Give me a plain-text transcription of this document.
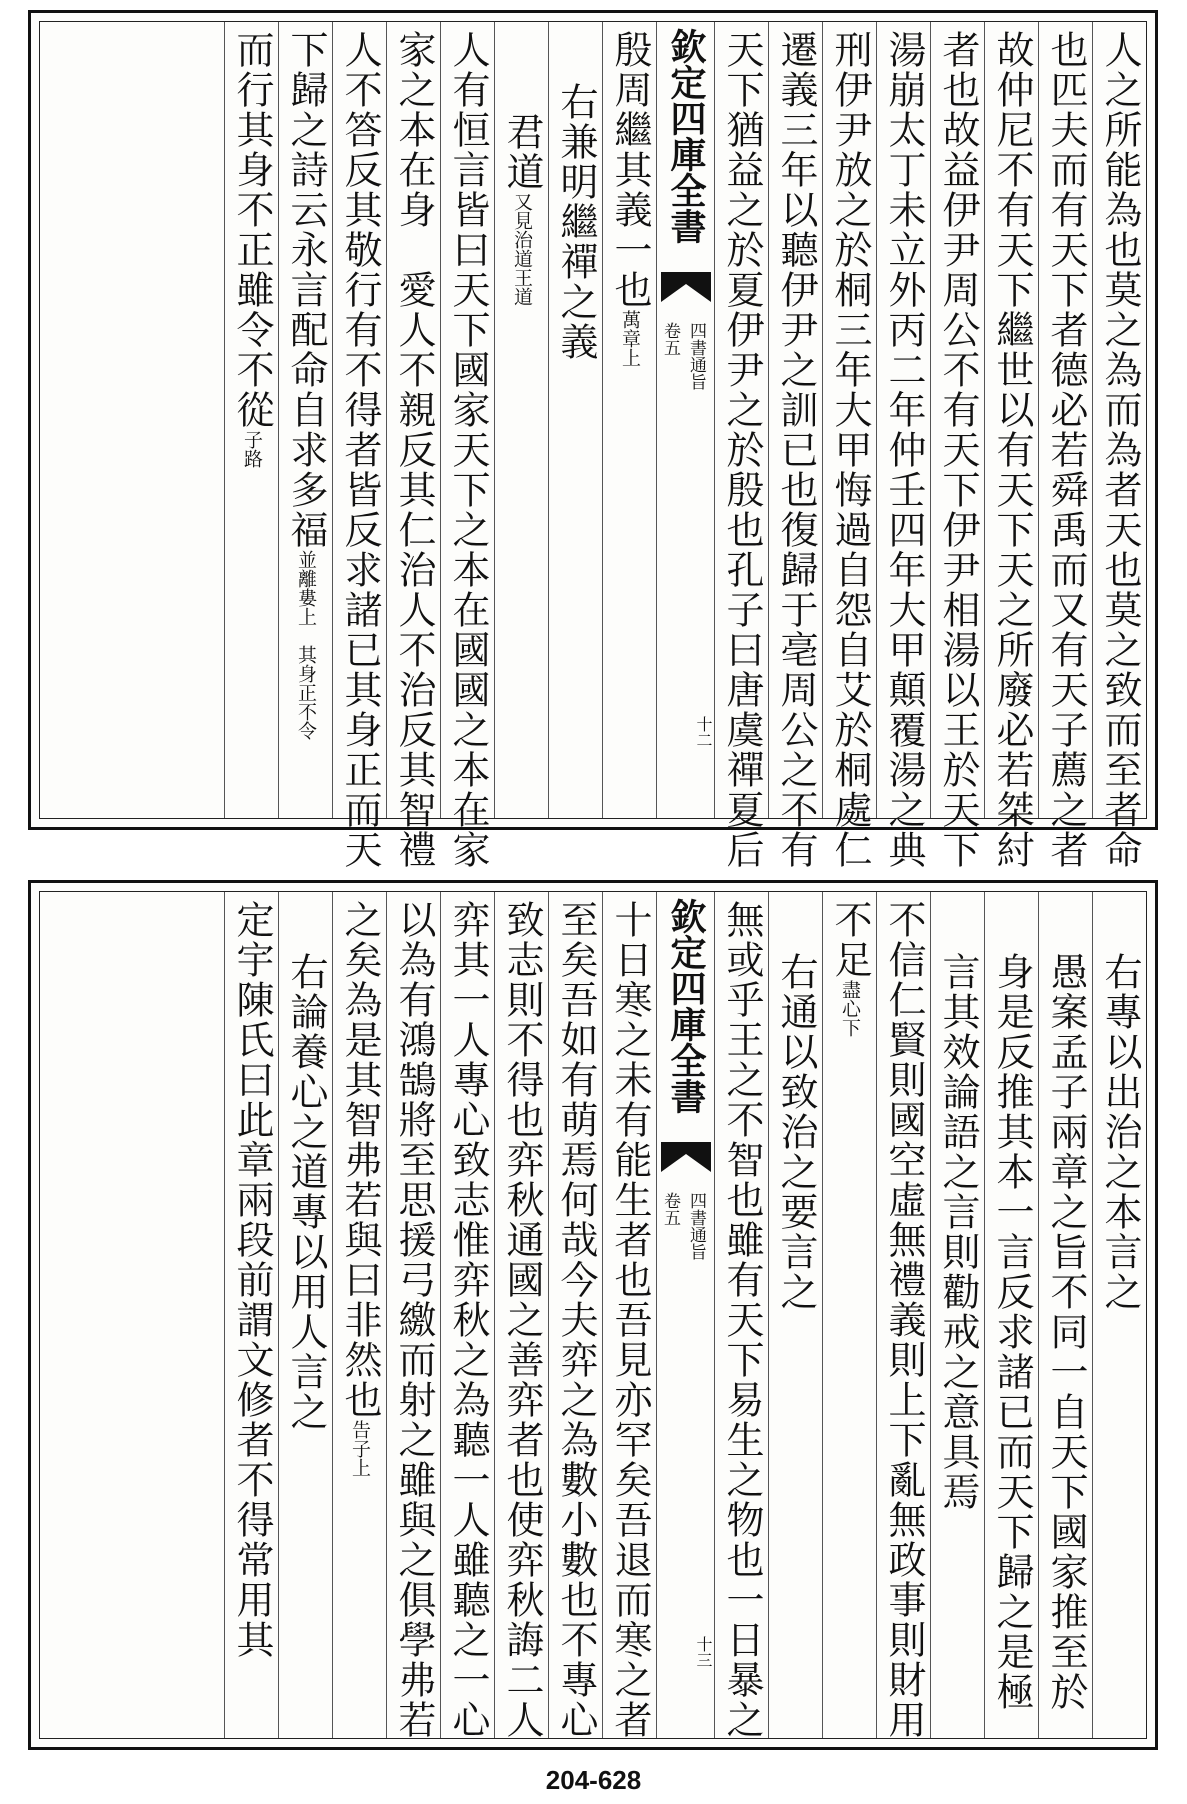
人之所能為也莫之為而為者天也莫之致而至者命
也匹夫而有天下者德必若舜禹而又有天子薦之者
故仲尼不有天下繼世以有天下天之所廢必若桀紂
者也故益伊尹周公不有天下伊尹相湯以王於天下
湯崩太丁未立外丙二年仲壬四年大甲顛覆湯之典
刑伊尹放之於桐三年大甲悔過自怨自艾於桐處仁
遷義三年以聽伊尹之訓已也復歸于亳周公之不有
天下猶益之於夏伊尹之於殷也孔子曰唐虞禪夏后
欽定四庫全書
四書通旨
卷五
十二
殷周繼其義一也萬章上
右兼明繼禪之義
君道又見治道王道
人有恒言皆曰天下國家天下之本在國國之本在家
家之本在身　愛人不親反其仁治人不治反其智禮
人不答反其敬行有不得者皆反求諸已其身正而天
下歸之詩云永言配命自求多福並離婁上　其身正不令
而行其身不正雖令不從子路
右專以出治之本言之
愚案孟子兩章之旨不同一自天下國家推至於
身是反推其本一言反求諸已而天下歸之是極
言其效論語之言則勸戒之意具焉
不信仁賢則國空虛無禮義則上下亂無政事則財用
不足盡心下
右通以致治之要言之
無或乎王之不智也雖有天下易生之物也一日暴之
欽定四庫全書
四書通旨
卷五
十三
十日寒之未有能生者也吾見亦罕矣吾退而寒之者
至矣吾如有萌焉何哉今夫弈之為數小數也不專心
致志則不得也弈秋通國之善弈者也使弈秋誨二人
弈其一人專心致志惟弈秋之為聽一人雖聽之一心
以為有鴻鵠將至思援弓繳而射之雖與之俱學弗若
之矣為是其智弗若與曰非然也告子上
右論養心之道專以用人言之
定宇陳氏曰此章兩段前謂文修者不得常用其
204-628
